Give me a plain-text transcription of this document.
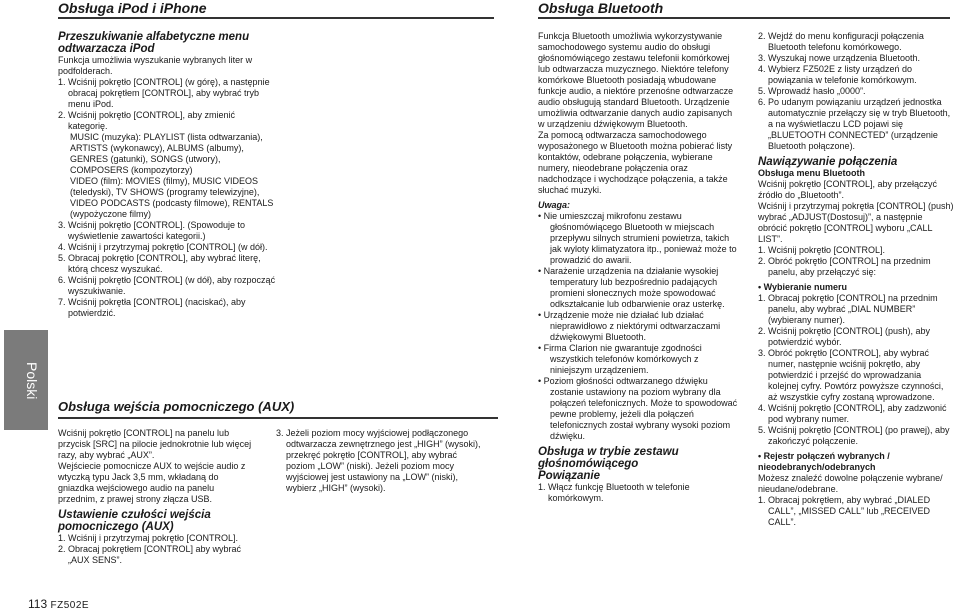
Obsługa iPod i iPhone	Obsługa Bluetooth
Polski

Przeszukiwanie alfabetyczne menu odtwarzacza iPod

Funkcja umożliwia wyszukanie wybranych liter w podfolderach.

1. Wciśnij pokrętło [CONTROL] (w górę), a następnie obracaj pokrętłem [CONTROL], aby wybrać tryb menu iPod.

2. Wciśnij pokrętło [CONTROL], aby zmienić kategorię.

MUSIC (muzyka): PLAYLIST (lista odtwarzania), ARTISTS (wykonawcy), ALBUMS (albumy), GENRES (gatunki), SONGS (utwory), COMPOSERS (kompozytorzy)

VIDEO (film): MOVIES (filmy), MUSIC VIDEOS (teledyski), TV SHOWS (programy telewizyjne), VIDEO PODCASTS (podcasty filmowe), RENTALS (wypożyczone filmy)

3. Wciśnij pokrętło [CONTROL]. (Spowoduje to wyświetlenie zawartości kategorii.)

4. Wciśnij i przytrzymaj pokrętło [CONTROL] (w dół).

5. Obracaj pokrętło [CONTROL], aby wybrać literę, którą chcesz wyszukać.

6. Wciśnij pokrętło [CONTROL] (w dół), aby rozpocząć wyszukiwanie.

7. Wciśnij pokrętła [CONTROL] (naciskać), aby potwierdzić.

Obsługa wejścia pomocniczego (AUX)

Wciśnij pokrętło [CONTROL] na panelu lub przycisk [SRC] na pilocie jednokrotnie lub więcej razy, aby wybrać „AUX”.

Wejściecie pomocnicze AUX to wejście audio z wtyczką typu Jack 3,5 mm, wkładaną do gniazdka wejściowego audio na panelu przednim, z prawej strony złącza USB.

Ustawienie czułości wejścia pomocniczego (AUX)

1. Wciśnij i przytrzymaj pokrętło [CONTROL].

2. Obracaj pokrętłem [CONTROL] aby wybrać „AUX SENS”.

3. Jeżeli poziom mocy wyjściowej podłączonego odtwarzacza zewnętrznego jest „HIGH” (wysoki), przekręć pokrętło [CONTROL], aby wybrać poziom „LOW” (niski). Jeżeli poziom mocy wyjściowej jest ustawiony na „LOW” (niski), wybierz „HIGH” (wysoki).

Funkcja Bluetooth umożliwia wykorzystywanie samochodowego systemu audio do obsługi głośnomówiącego zestawu telefonii komórkowej lub odtwarzacza muzycznego. Niektóre telefony komórkowe Bluetooth posiadają wbudowane funkcje audio, a niektóre przenośne odtwarzacze audio obsługują standard Bluetooth. Urządzenie umożliwia odtwarzanie danych audio zapisanych w urządzeniu dźwiękowym Bluetooth.

Za pomocą odtwarzacza samochodowego wyposażonego w Bluetooth można pobierać listy kontaktów, odebrane połączenia, wybierane numery, nieodebrane połączenia oraz nadchodzące i wychodzące połączenia, a także słuchać muzyki.

Uwaga:

• Nie umieszczaj mikrofonu zestawu głośnomówiącego Bluetooth w miejscach przepływu silnych strumieni powietrza, takich jak wyloty klimatyzatora itp., ponieważ może to prowadzić do awarii.

• Narażenie urządzenia na działanie wysokiej temperatury lub bezpośrednio padających promieni słonecznych może spowodować odkształcanie lub odbarwienie oraz usterkę.

• Urządzenie może nie działać lub działać nieprawidłowo z niektórymi odtwarzaczami dźwiękowymi Bluetooth.

• Firma Clarion nie gwarantuje zgodności wszystkich telefonów komórkowych z niniejszym urządzeniem.

• Poziom głośności odtwarzanego dźwięku zostanie ustawiony na poziom wybrany dla połączeń telefonicznych. Może to spowodować pewne problemy, jeżeli dla połączeń telefonicznych został wybrany wysoki poziom dźwięku.

Obsługa w trybie zestawu głośnomówiącego

Powiązanie

1. Włącz funkcję Bluetooth w telefonie komórkowym.

2. Wejdź do menu konfiguracji połączenia Bluetooth telefonu komórkowego.

3. Wyszukaj nowe urządzenia Bluetooth.

4. Wybierz FZ502E z listy urządzeń do powiązania w telefonie komórkowym.

5. Wprowadź hasło „0000”.

6. Po udanym powiązaniu urządzeń jednostka automatycznie przełączy się w tryb Bluetooth, a na wyświetlaczu LCD pojawi się „BLUETOOTH CONNECTED” (urządzenie Bluetooth połączone).

Nawiązywanie połączenia

Obsługa menu Bluetooth

Wciśnij pokrętło [CONTROL], aby przełączyć źródło do „Bluetooth”.

Wciśnij i przytrzymaj pokrętła [CONTROL] (push) wybrać „ADJUST(Dostosuj)”, a następnie obrócić pokrętło [CONTROL] wyboru „CALL LIST”.

1. Wciśnij pokrętło [CONTROL].

2. Obróć pokrętło [CONTROL] na przednim panelu, aby przełączyć się:

• Wybieranie numeru

1. Obracaj pokrętło [CONTROL] na przednim panelu, aby wybrać „DIAL NUMBER” (wybierany numer).

2. Wciśnij pokrętło [CONTROL] (push), aby potwierdzić wybór.

3. Obróć pokrętło [CONTROL], aby wybrać numer, następnie wciśnij pokrętło, aby potwierdzić i przejść do wprowadzania kolejnej cyfry. Powtórz powyższe czynności, aż wszystkie cyfry zostaną wprowadzone.

4. Wciśnij pokrętło [CONTROL], aby zadzwonić pod wybrany numer.

5. Wciśnij pokrętło [CONTROL] (po prawej), aby zakończyć połączenie.

• Rejestr połączeń wybranych / nieodebranych/odebranych

Możesz znaleźć dowolne połączenie wybrane/ nieudane/odebrane.

1. Obracaj pokrętłem, aby wybrać „DIALED CALL”, „MISSED CALL” lub „RECEIVED CALL”.

113 FZ502E
